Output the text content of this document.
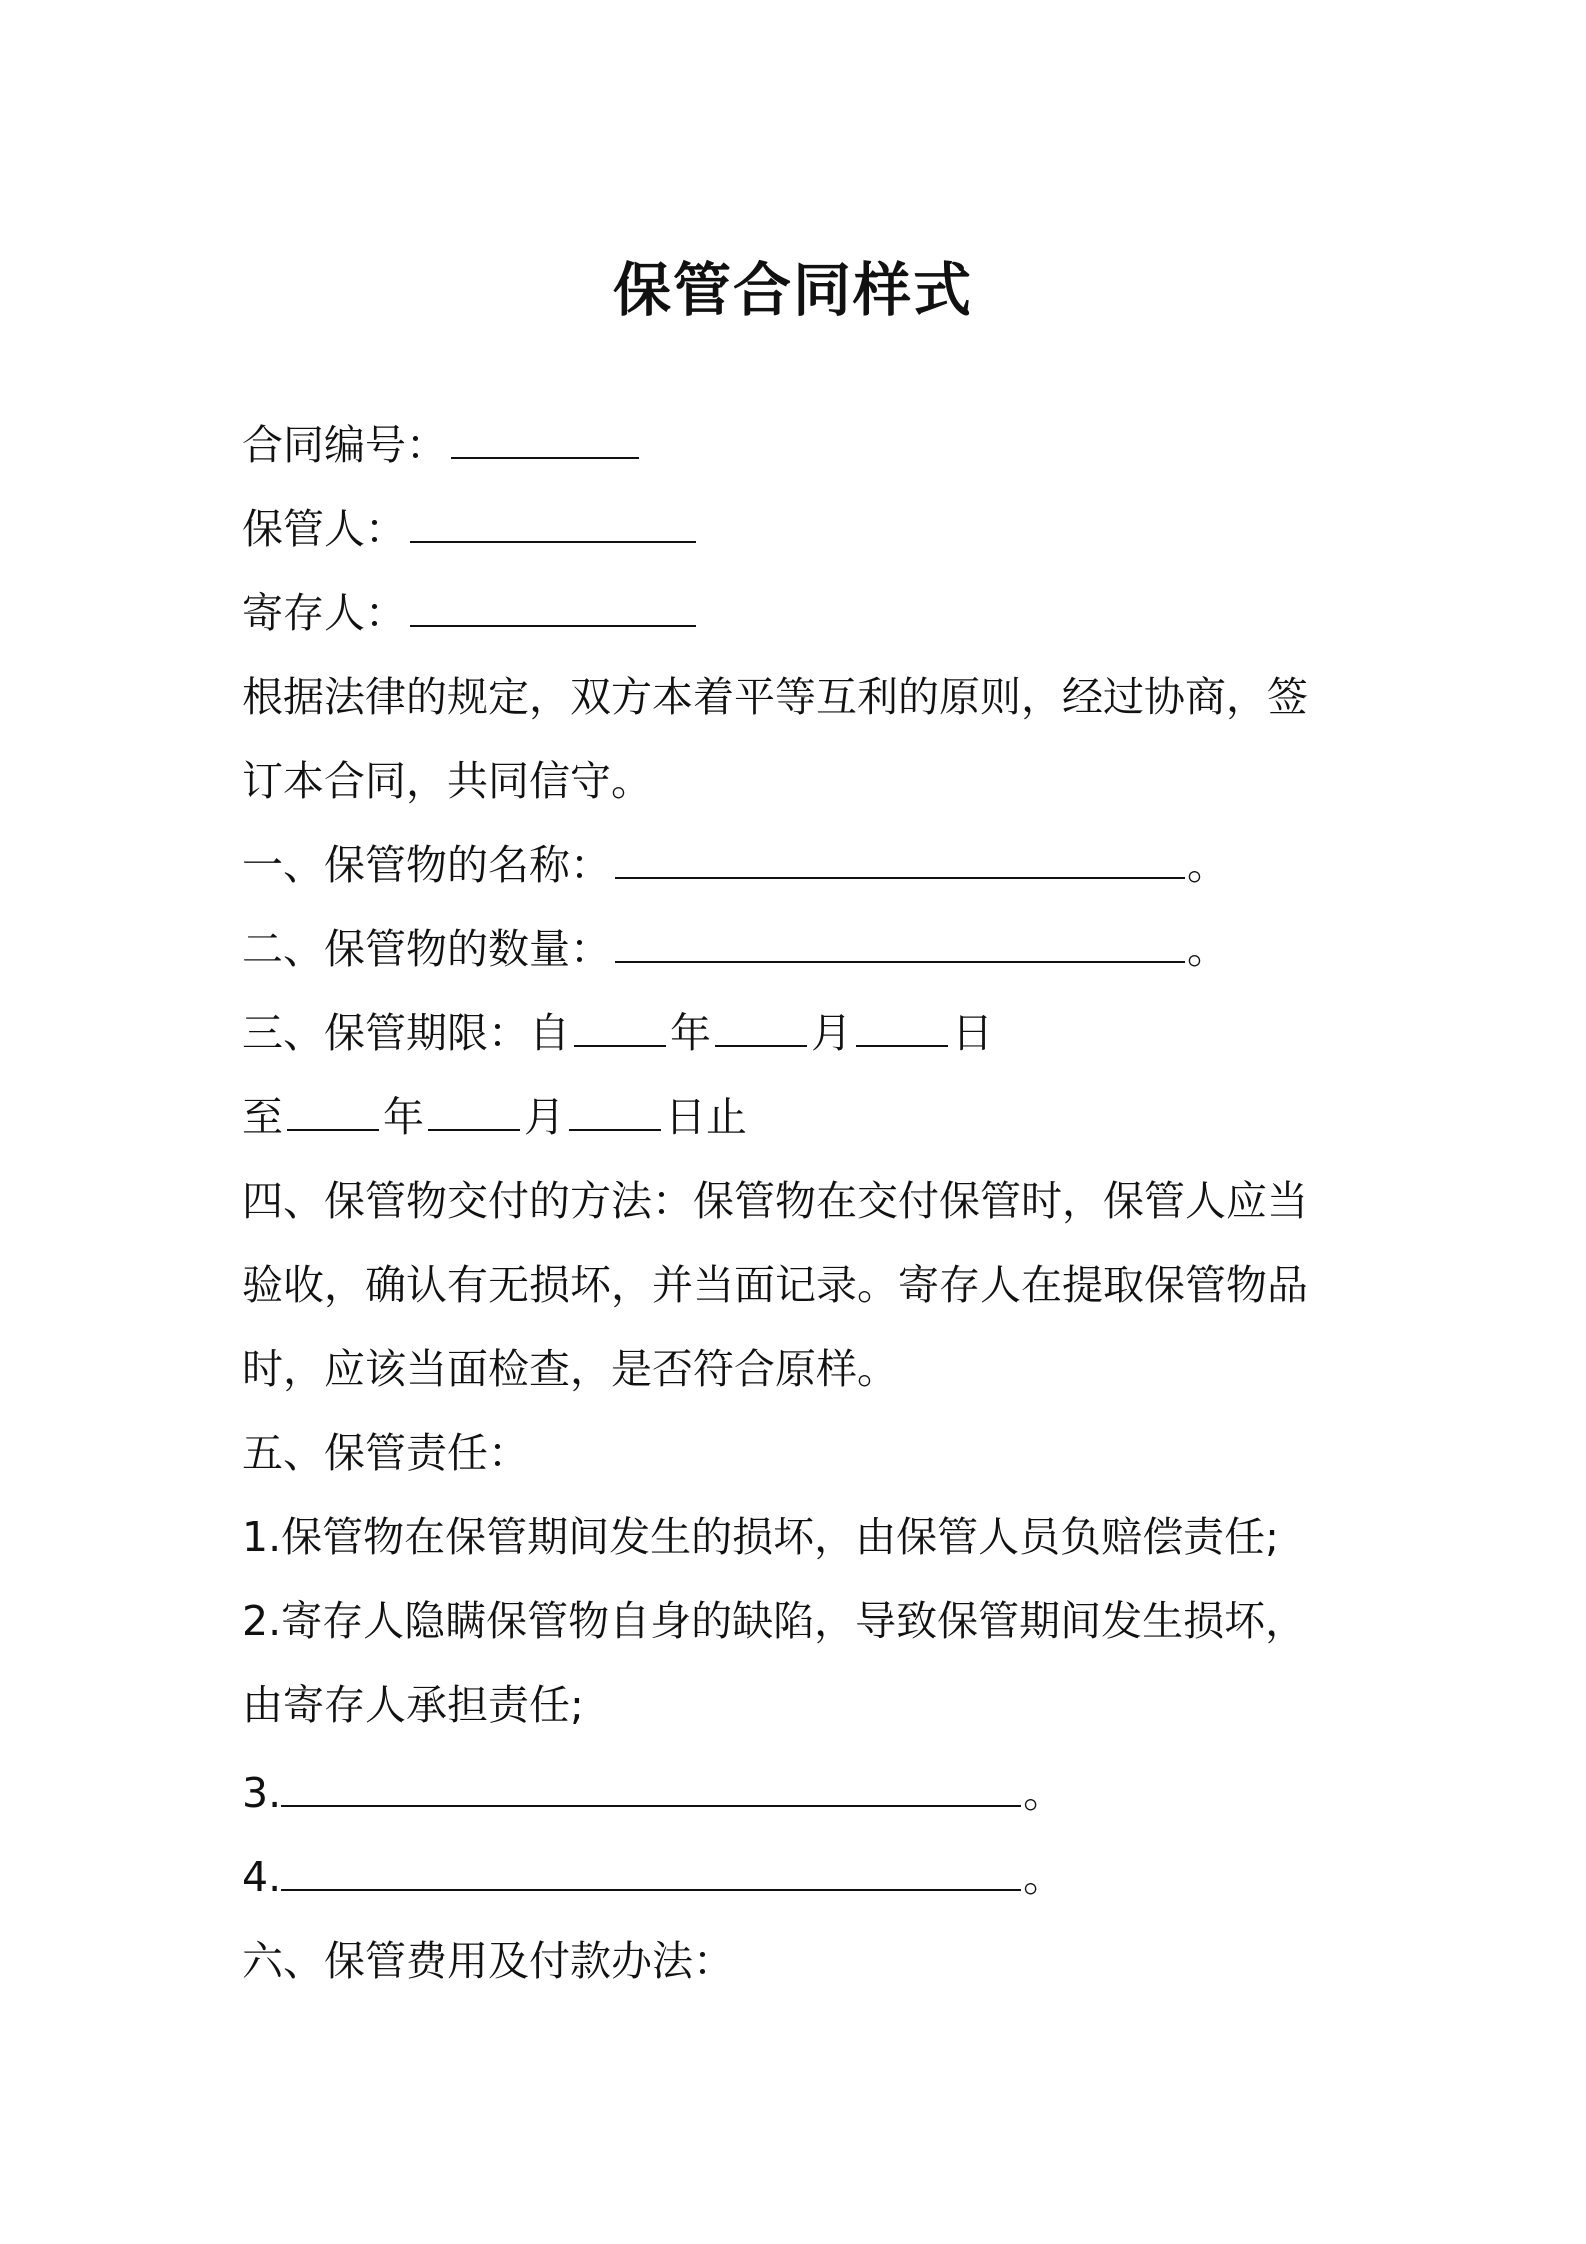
保管合同样式
合同编号：
保管人：
寄存人：
根据法律的规定，双方本着平等互利的原则，经过协商，签
订本合同，共同信守。
一、保管物的名称：	。
二、保管物的数量：	。
三、保管期限：自 年 月 日
至 年 月 日止
四、保管物交付的方法：保管物在交付保管时，保管人应当
验收，确认有无损坏，并当面记录。寄存人在提取保管物品
时，应该当面检查，是否符合原样。
五、保管责任：
1.保管物在保管期间发生的损坏，由保管人员负赔偿责任;
2.寄存人隐瞒保管物自身的缺陷，导致保管期间发生损坏，
由寄存人承担责任;
3.	。
4.	。
六、保管费用及付款办法：
